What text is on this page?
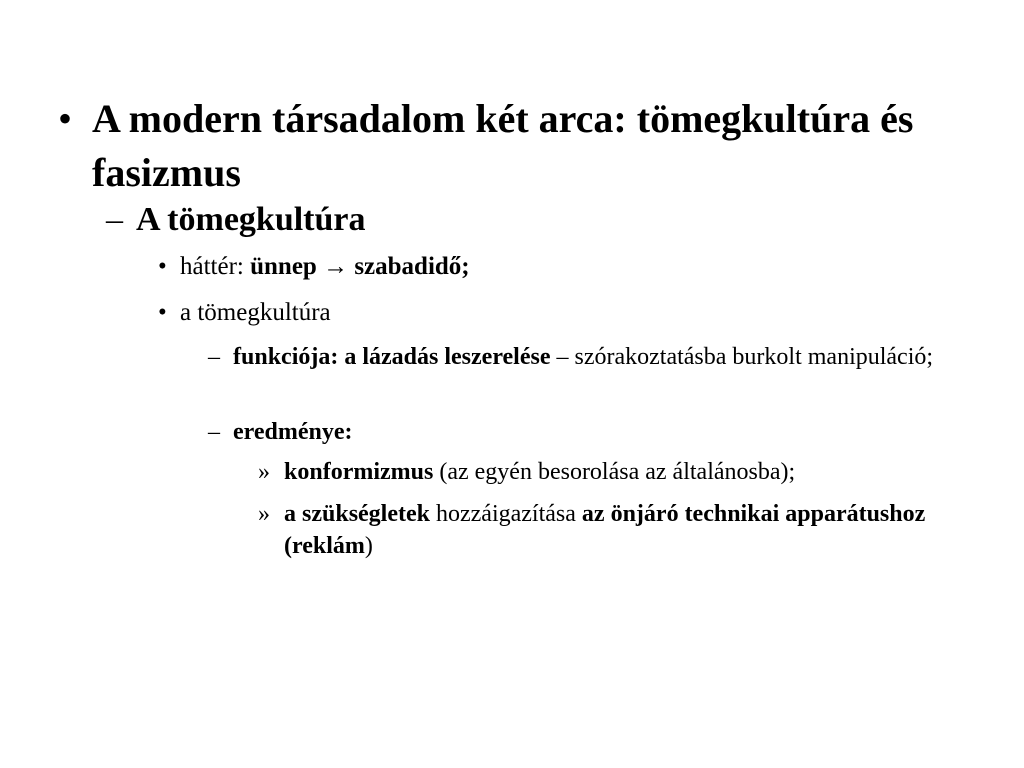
• A modern társadalom két arca: tömegkultúra és fasizmus
– A tömegkultúra
• háttér: ünnep → szabadidő;
• a tömegkultúra
– funkciója: a lázadás leszerelése – szórakoztatásba burkolt manipuláció;
– eredménye:
» konformizmus (az egyén besorolása az általánosba);
» a szükségletek hozzáigazítása az önjáró technikai apparátushoz (reklám)
